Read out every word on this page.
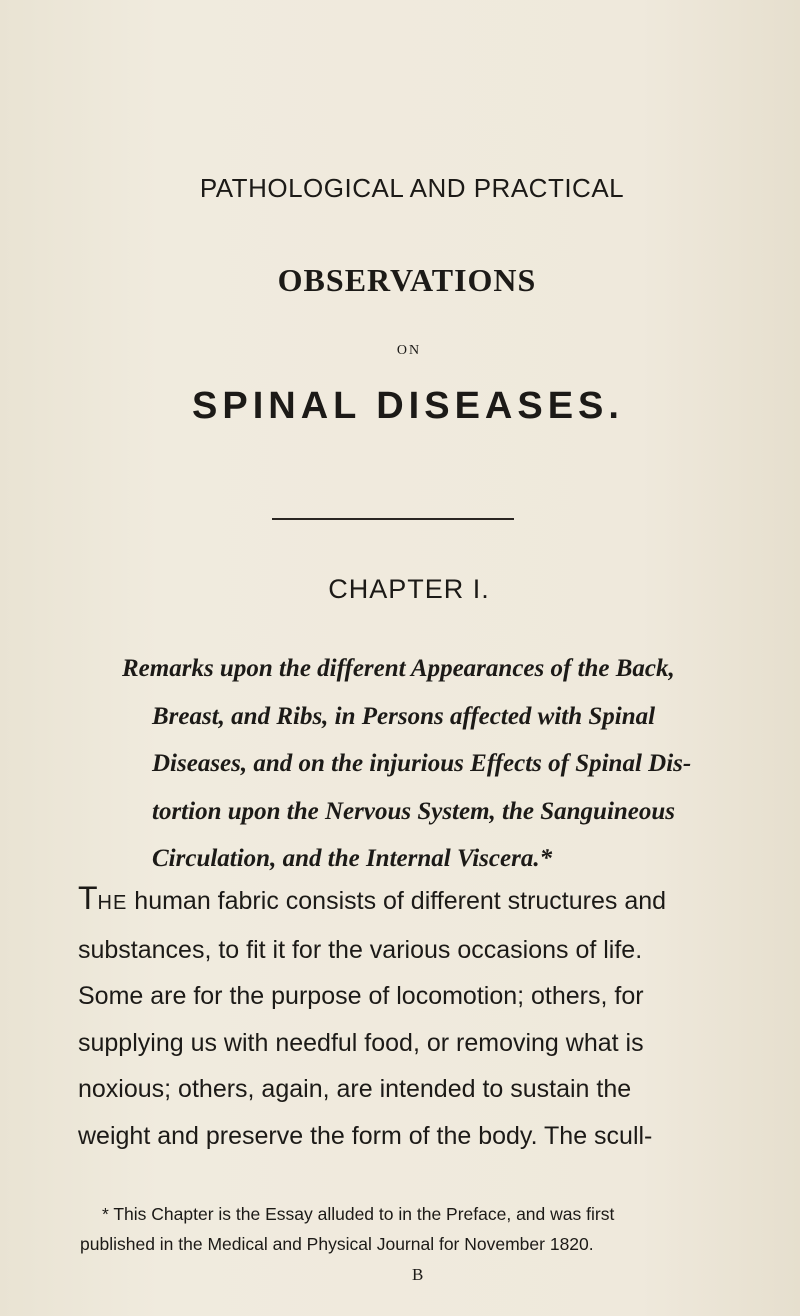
PATHOLOGICAL AND PRACTICAL
OBSERVATIONS
ON
SPINAL DISEASES.
CHAPTER I.
Remarks upon the different Appearances of the Back,
Breast, and Ribs, in Persons affected with Spinal
Diseases, and on the injurious Effects of Spinal Dis-
tortion upon the Nervous System, the Sanguineous
Circulation, and the Internal Viscera.*
THE human fabric consists of different structures and
substances, to fit it for the various occasions of life.
Some are for the purpose of locomotion; others, for
supplying us with needful food, or removing what is
noxious; others, again, are intended to sustain the
weight and preserve the form of the body. The scull-
* This Chapter is the Essay alluded to in the Preface, and was first
published in the Medical and Physical Journal for November 1820.
B
